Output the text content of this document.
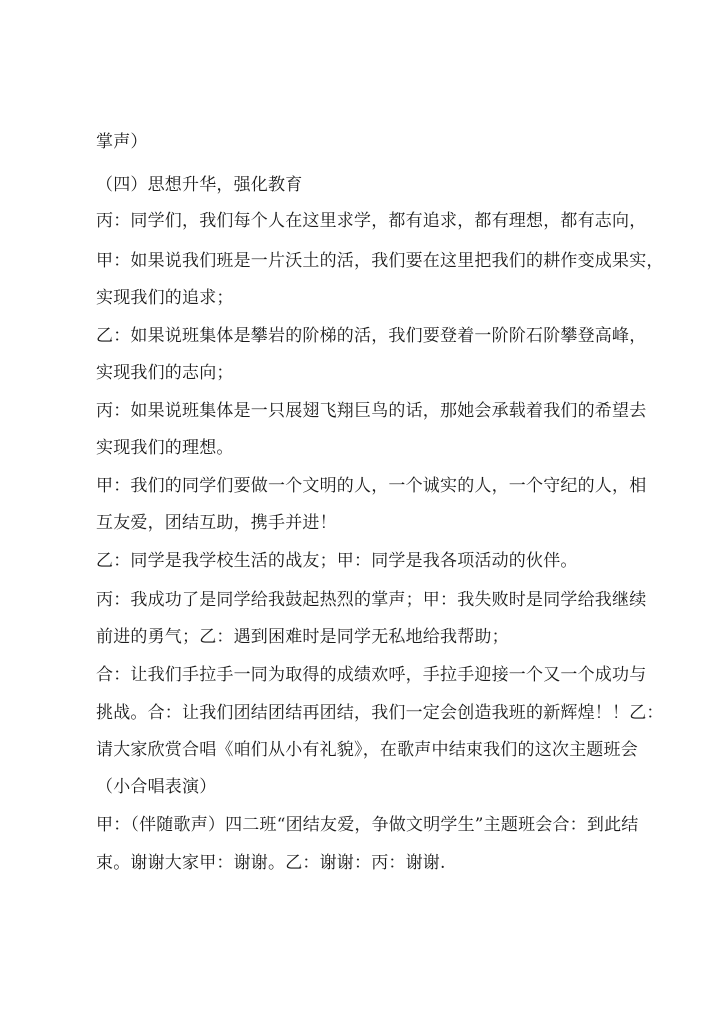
掌声）
（四）思想升华，强化教育
丙：同学们，我们每个人在这里求学，都有追求，都有理想，都有志向，
甲：如果说我们班是一片沃土的活，我们要在这里把我们的耕作变成果实，
实现我们的追求；
乙：如果说班集体是攀岩的阶梯的活，我们要登着一阶阶石阶攀登高峰，
实现我们的志向；
丙：如果说班集体是一只展翅飞翔巨鸟的话，那她会承载着我们的希望去
实现我们的理想。
甲：我们的同学们要做一个文明的人，一个诚实的人，一个守纪的人，相
互友爱，团结互助，携手并进！
乙：同学是我学校生活的战友；甲：同学是我各项活动的伙伴。
丙：我成功了是同学给我鼓起热烈的掌声；甲：我失败时是同学给我继续
前进的勇气；乙：遇到困难时是同学无私地给我帮助；
合：让我们手拉手一同为取得的成绩欢呼，手拉手迎接一个又一个成功与
挑战。合：让我们团结团结再团结，我们一定会创造我班的新辉煌！！乙：
请大家欣赏合唱《咱们从小有礼貌》，在歌声中结束我们的这次主题班会
（小合唱表演）
甲：（伴随歌声）四二班“团结友爱，争做文明学生”主题班会合：到此结
束。谢谢大家甲：谢谢。乙：谢谢：丙：谢谢.
